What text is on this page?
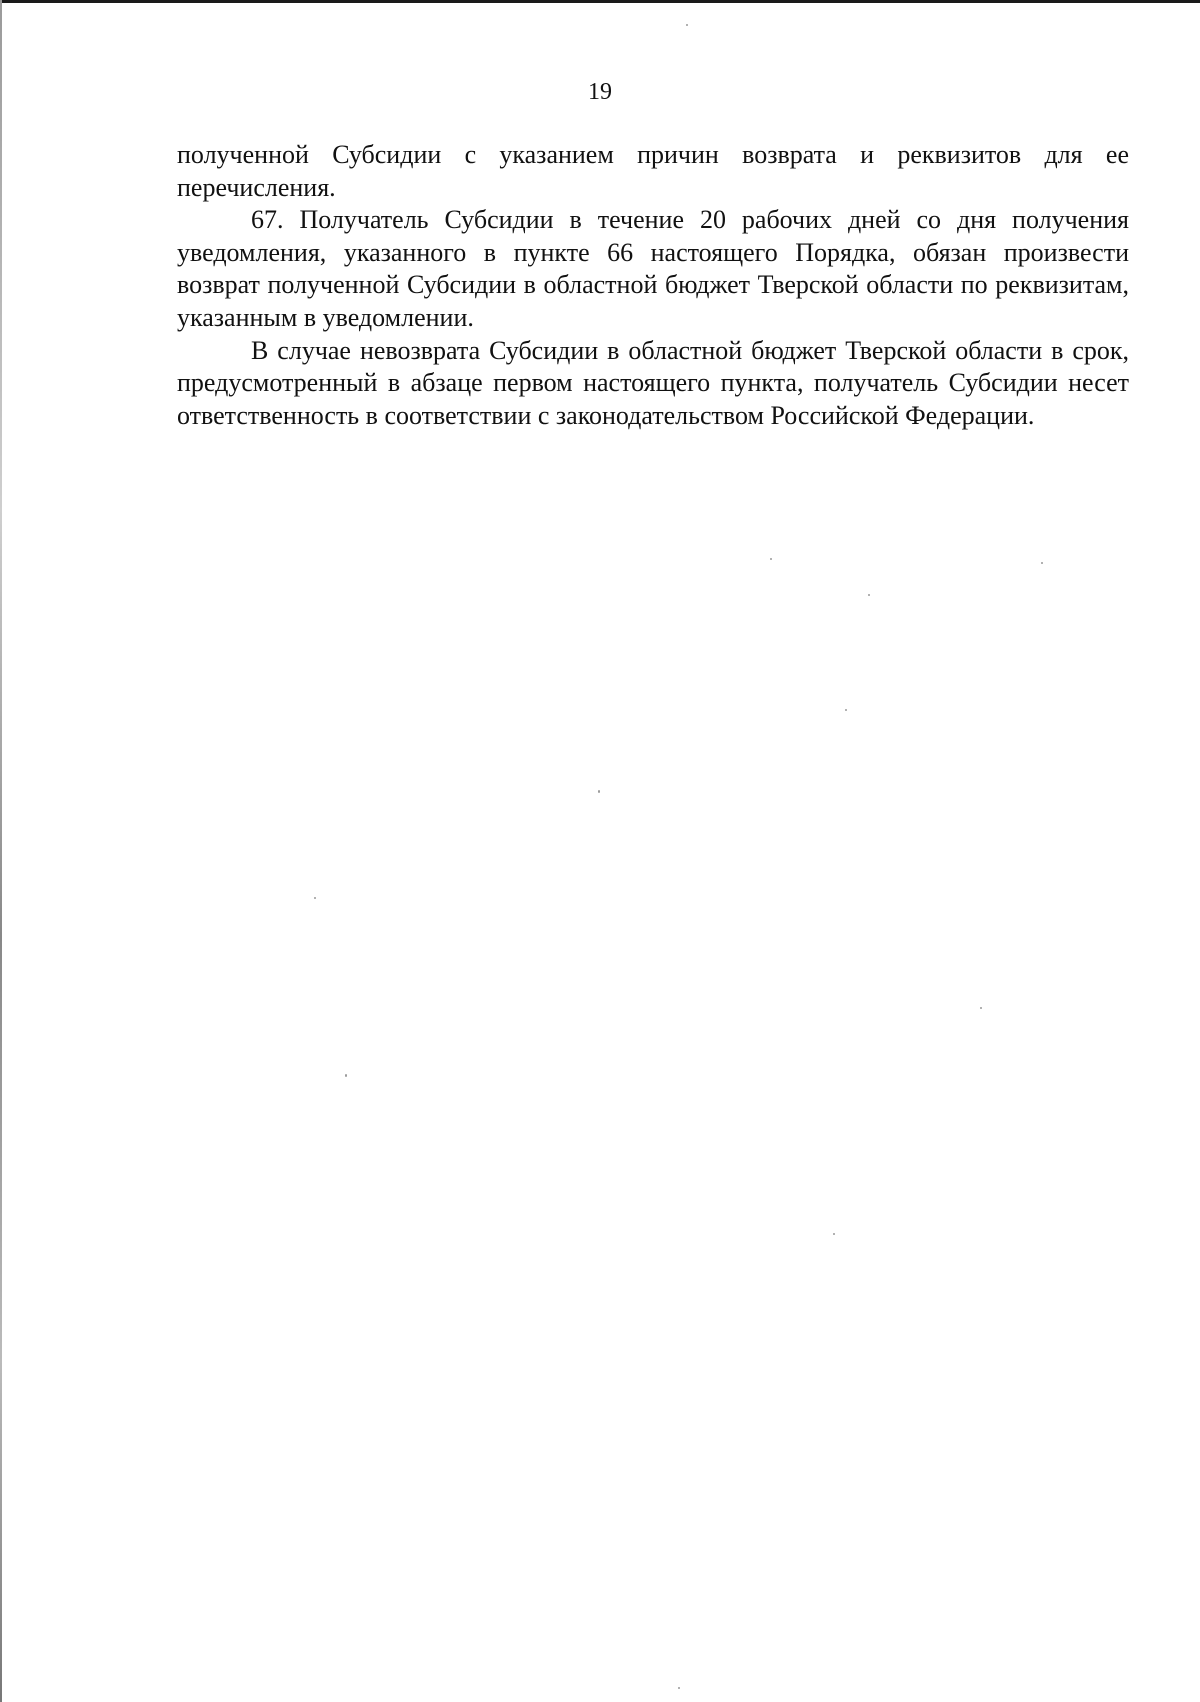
19

полученной Субсидии с указанием причин возврата и реквизитов для ее перечисления.

67. Получатель Субсидии в течение 20 рабочих дней со дня получения уведомления, указанного в пункте 66 настоящего Порядка, обязан произвести возврат полученной Субсидии в областной бюджет Тверской области по реквизитам, указанным в уведомлении.

В случае невозврата Субсидии в областной бюджет Тверской области в срок, предусмотренный в абзаце первом настоящего пункта, получатель Субсидии несет ответственность в соответствии с законодательством Российской Федерации.
